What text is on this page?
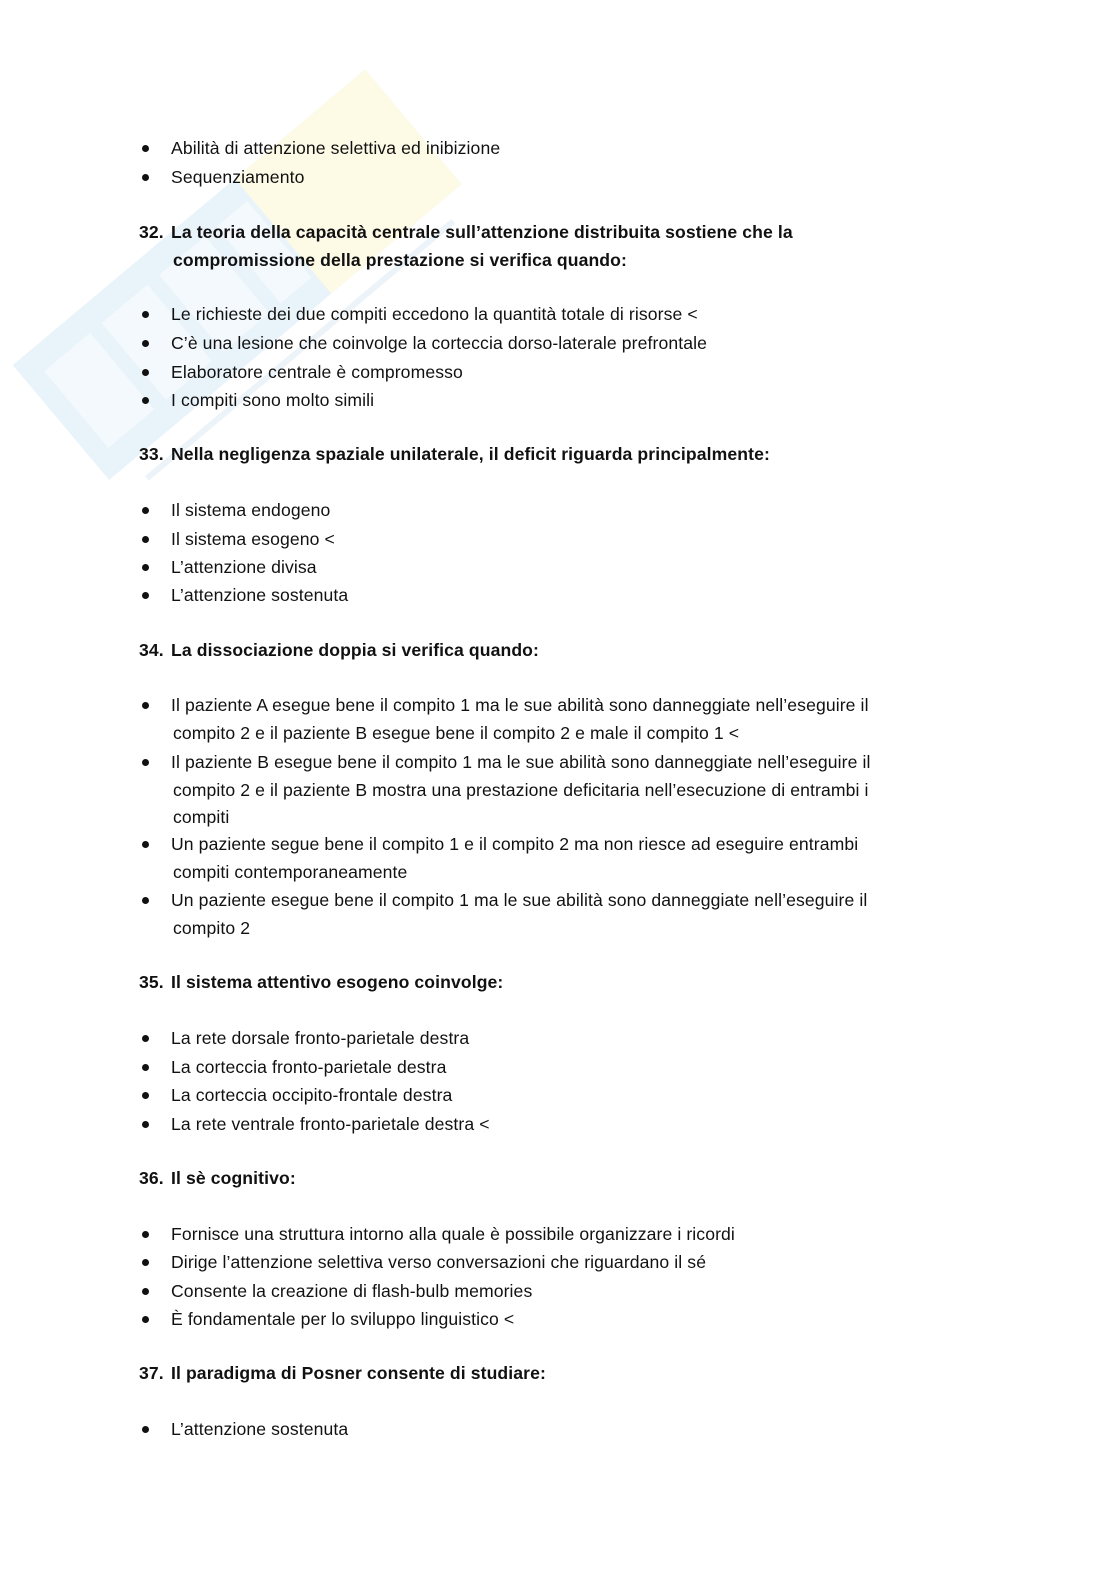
Abilità di attenzione selettiva ed inibizione
Sequenziamento
32. La teoria della capacità centrale sull’attenzione distribuita sostiene che la
compromissione della prestazione si verifica quando:
Le richieste dei due compiti eccedono la quantità totale di risorse <
C’è una lesione che coinvolge la corteccia dorso-laterale prefrontale
Elaboratore centrale è compromesso
I compiti sono molto simili
33. Nella negligenza spaziale unilaterale, il deficit riguarda principalmente:
Il sistema endogeno
Il sistema esogeno <
L’attenzione divisa
L’attenzione sostenuta
34. La dissociazione doppia si verifica quando:
Il paziente A esegue bene il compito 1 ma le sue abilità sono danneggiate nell’eseguire il
compito 2 e il paziente B esegue bene il compito 2 e male il compito 1 <
Il paziente B esegue bene il compito 1 ma le sue abilità sono danneggiate nell’eseguire il
compito 2 e il paziente B mostra una prestazione deficitaria nell’esecuzione di entrambi i
compiti
Un paziente segue bene il compito 1 e il compito 2 ma non riesce ad eseguire entrambi
compiti contemporaneamente
Un paziente esegue bene il compito 1 ma le sue abilità sono danneggiate nell’eseguire il
compito 2
35. Il sistema attentivo esogeno coinvolge:
La rete dorsale fronto-parietale destra
La corteccia fronto-parietale destra
La corteccia occipito-frontale destra
La rete ventrale fronto-parietale destra <
36. Il sè cognitivo:
Fornisce una struttura intorno alla quale è possibile organizzare i ricordi
Dirige l’attenzione selettiva verso conversazioni che riguardano il sé
Consente la creazione di flash-bulb memories
È fondamentale per lo sviluppo linguistico <
37. Il paradigma di Posner consente di studiare:
L’attenzione sostenuta
